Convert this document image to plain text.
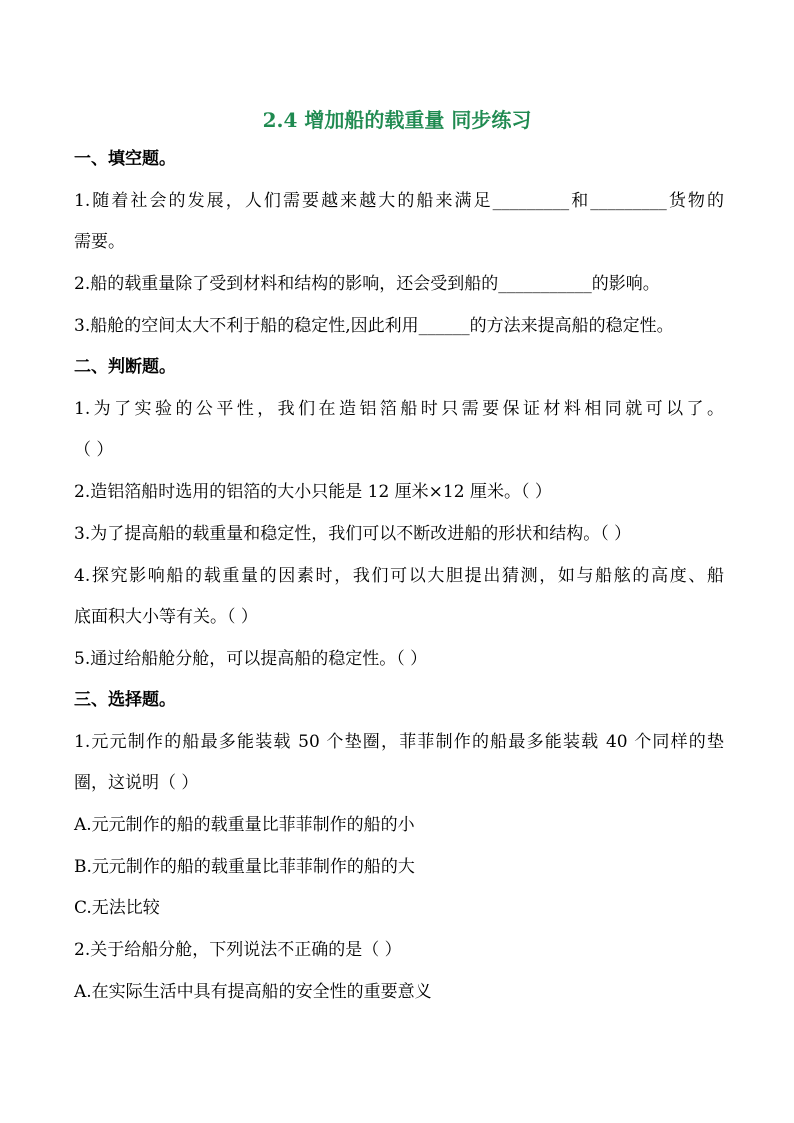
2.4 增加船的载重量 同步练习
一、填空题。
1.随着社会的发展，人们需要越来越大的船来满足_________和_________货物的
需要。
2.船的载重量除了受到材料和结构的影响，还会受到船的___________的影响。
3.船舱的空间太大不利于船的稳定性,因此利用______的方法来提高船的稳定性。
二、判断题。
1.为了实验的公平性，我们在造铝箔船时只需要保证材料相同就可以了。
（ ）
2.造铝箔船时选用的铝箔的大小只能是 12 厘米×12 厘米。（ ）
3.为了提高船的载重量和稳定性，我们可以不断改进船的形状和结构。（ ）
4.探究影响船的载重量的因素时，我们可以大胆提出猜测，如与船舷的高度、船
底面积大小等有关。（ ）
5.通过给船舱分舱，可以提高船的稳定性。（ ）
三、选择题。
1.元元制作的船最多能装载 50 个垫圈，菲菲制作的船最多能装载 40 个同样的垫
圈，这说明（ ）
A.元元制作的船的载重量比菲菲制作的船的小
B.元元制作的船的载重量比菲菲制作的船的大
C.无法比较
2.关于给船分舱，下列说法不正确的是（ ）
A.在实际生活中具有提高船的安全性的重要意义
